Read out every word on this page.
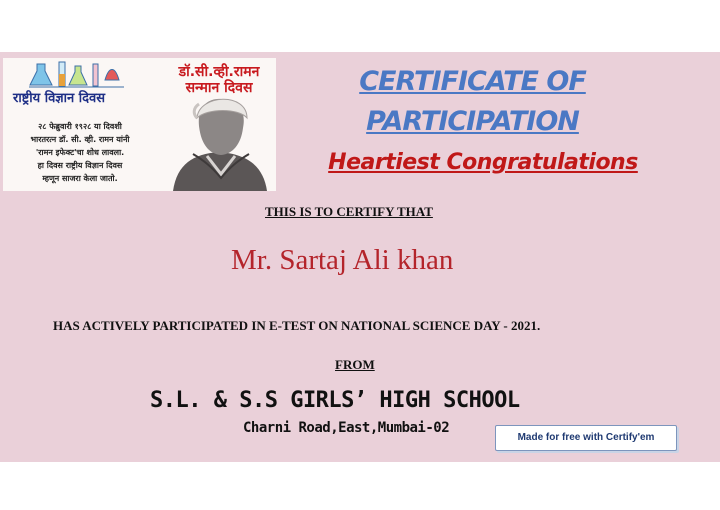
राष्ट्रीय विज्ञान दिवस
डॉ.सी.व्ही.रामन
सन्मान दिवस
२८ फेब्रुवारी १९२८ या दिवशी
भारतरत्न डॉ. सी. व्ही. रामन यांनी
'रामन इफेक्ट'चा शोध लावला.
हा दिवस राष्ट्रीय विज्ञान दिवस
म्हणून साजरा केला जातो.
CERTIFICATE OF
PARTICIPATION
Heartiest Congratulations
THIS IS TO CERTIFY THAT
Mr. Sartaj Ali khan
HAS ACTIVELY PARTICIPATED IN E-TEST ON NATIONAL SCIENCE DAY - 2021.
FROM
S.L. & S.S GIRLS’ HIGH SCHOOL
Charni Road,East,Mumbai-02
Made for free with Certify'em
